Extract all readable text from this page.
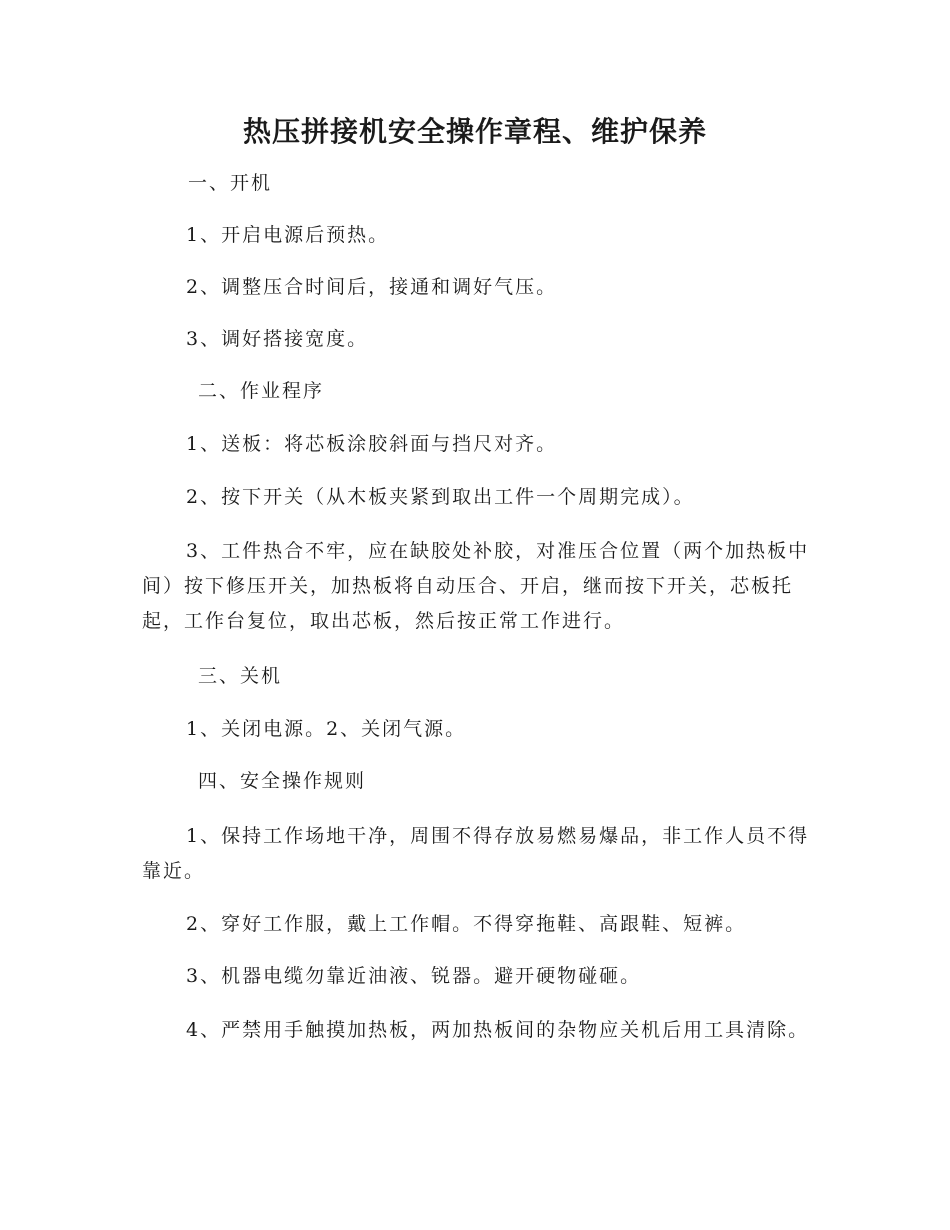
热压拼接机安全操作章程、维护保养

一、开机

1、开启电源后预热。

2、调整压合时间后，接通和调好气压。

3、调好搭接宽度。

二、作业程序

1、送板：将芯板涂胶斜面与挡尺对齐。

2、按下开关（从木板夹紧到取出工件一个周期完成）。

3、工件热合不牢，应在缺胶处补胶，对准压合位置（两个加热板中间）按下修压开关，加热板将自动压合、开启，继而按下开关，芯板托起，工作台复位，取出芯板，然后按正常工作进行。

三、关机

1、关闭电源。2、关闭气源。

四、安全操作规则

1、保持工作场地干净，周围不得存放易燃易爆品，非工作人员不得靠近。

2、穿好工作服，戴上工作帽。不得穿拖鞋、高跟鞋、短裤。

3、机器电缆勿靠近油液、锐器。避开硬物碰砸。

4、严禁用手触摸加热板，两加热板间的杂物应关机后用工具清除。
